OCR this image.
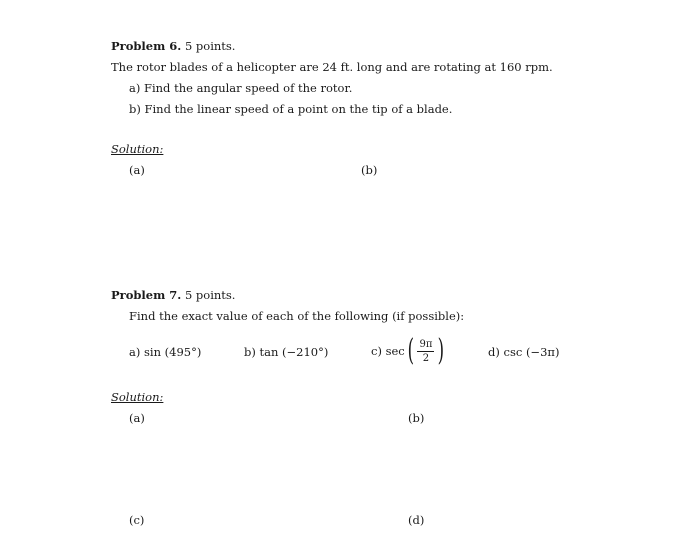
Problem 6. 5 points.
The rotor blades of a helicopter are 24 ft. long and are rotating at 160 rpm.
a) Find the angular speed of the rotor.
b) Find the linear speed of a point on the tip of a blade.
Solution:
(a)	(b)
Problem 7. 5 points.
Find the exact value of each of the following (if possible):
a) sin (495°)	b) tan (−210°)	c) sec ( $\frac{9\pi}{2}$ )	d) csc (−3π)
Solution:
(a)	(b)
(c)	(d)
